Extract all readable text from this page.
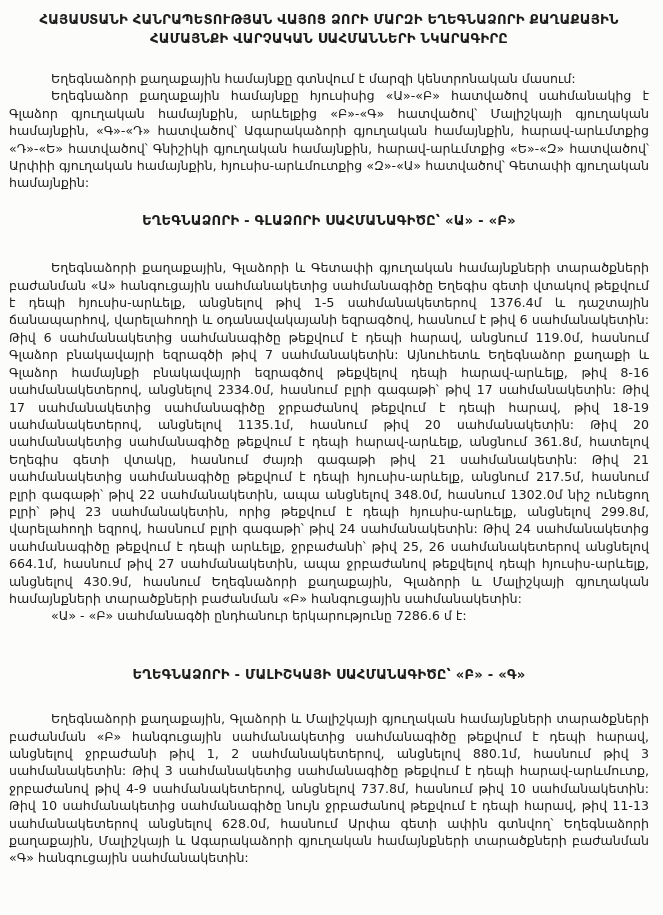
ՀԱՅԱՍՏԱՆԻ ՀԱՆՐԱՊԵՏՈՒԹՅԱՆ ՎԱՅՈՑ ՁՈՐԻ ՄԱՐԶԻ ԵՂԵԳՆԱՁՈՐԻ ՔԱՂԱՔԱՅԻՆ
ՀԱՄԱՅՆՔԻ ՎԱՐՉԱԿԱՆ ՍԱՀՄԱՆՆԵՐԻ ՆԿԱՐԱԳԻՐԸ

Եղեգնաձորի քաղաքային համայնքը գտնվում է մարզի կենտրոնական մասում:

Եղեգնաձոր քաղաքային համայնքը հյուսիսից «Ա»-«Բ» հատվածով սահմանակից է Գլաձոր գյուղական համայնքին, արևելքից «Բ»-«Գ» հատվածով՝ Մալիշկայի գյուղական համայնքին, «Գ»-«Դ» հատվածով՝ Ագարակաձորի գյուղական համայնքին, հարավ-արևմտքից «Դ»-«Ե» հատվածով՝ Գնիշիկի գյուղական համայնքին, հարավ-արևմտքից «Ե»-«Զ» հատվածով՝ Արփիի գյուղական համայնքին, հյուսիս-արևմուտքից «Զ»-«Ա» հատվածով՝ Գետափի գյուղական համայնքին:

ԵՂԵԳՆԱՁՈՐԻ - ԳԼԱՁՈՐԻ ՍԱՀՄԱՆԱԳԻԾԸ՝ «Ա» - «Բ»

Եղեգնաձորի քաղաքային, Գլաձորի և Գետափի գյուղական համայնքների տարածքների բաժանման «Ա» հանգուցային սահմանակետից սահմանագիծը Եղեգիս գետի վտակով թեքվում է դեպի հյուսիս-արևելք, անցնելով թիվ 1-5 սահմանակետերով 1376.4մ և դաշտային ճանապարհով, վարելահողի և օդանավակայանի եզրագծով, հասնում է թիվ 6 սահմանակետին: Թիվ 6 սահմանակետից սահմանագիծը թեքվում է դեպի հարավ, անցնում 119.0մ, հասնում Գլաձոր բնակավայրի եզրագծի թիվ 7 սահմանակետին: Այնուհետև Եղեգնաձոր քաղաքի և Գլաձոր համայնքի բնակավայրի եզրագծով թեքվելով դեպի հարավ-արևելք, թիվ 8-16 սահմանակետերով, անցնելով 2334.0մ, հասնում բլրի գագաթի՝ թիվ 17 սահմանակետին: Թիվ 17 սահմանակետից սահմանագիծը ջրբաժանով թեքվում է դեպի հարավ, թիվ 18-19 սահմանակետերով, անցնելով 1135.1մ, հասնում թիվ 20 սահմանակետին: Թիվ 20 սահմանակետից սահմանագիծը թեքվում է դեպի հարավ-արևելք, անցնում 361.8մ, հատելով Եղեգիս գետի վտակը, հասնում ժայռի գագաթի թիվ 21 սահմանակետին: Թիվ 21 սահմանակետից սահմանագիծը թեքվում է դեպի հյուսիս-արևելք, անցնում 217.5մ, հասնում բլրի գագաթի՝ թիվ 22 սահմանակետին, ապա անցնելով 348.0մ, հասնում 1302.0մ նիշ ունեցող բլրի՝ թիվ 23 սահմանակետին, որից թեքվում է դեպի հյուսիս-արևելք, անցնելով 299.8մ, վարելահողի եզրով, հասնում բլրի գագաթի՝ թիվ 24 սահմանակետին: Թիվ 24 սահմանակետից սահմանագիծը թեքվում է դեպի արևելք, ջրբաժանի՝ թիվ 25, 26 սահմանակետերով անցնելով 664.1մ, հասնում թիվ 27 սահմանակետին, ապա ջրբաժանով թեքվելով դեպի հյուսիս-արևելք, անցնելով 430.9մ, հասնում Եղեգնաձորի քաղաքային, Գլաձորի և Մալիշկայի գյուղական համայնքների տարածքների բաժանման «Բ» հանգուցային սահմանակետին:

«Ա» - «Բ» սահմանագծի ընդհանուր երկարությունը 7286.6 մ է:

ԵՂԵԳՆԱՁՈՐԻ - ՄԱԼԻՇԿԱՅԻ ՍԱՀՄԱՆԱԳԻԾԸ՝ «Բ» - «Գ»

Եղեգնաձորի քաղաքային, Գլաձորի և Մալիշկայի գյուղական համայնքների տարածքների բաժանման «Բ» հանգուցային սահմանակետից սահմանագիծը թեքվում է դեպի հարավ, անցնելով ջրբաժանի թիվ 1, 2 սահմանակետերով, անցնելով 880.1մ, հասնում թիվ 3 սահմանակետին: Թիվ 3 սահմանակետից սահմանագիծը թեքվում է դեպի հարավ-արևմուտք, ջրբաժանով թիվ 4-9 սահմանակետերով, անցնելով 737.8մ, հասնում թիվ 10 սահմանակետին: Թիվ 10 սահմանակետից սահմանագիծը նույն ջրբաժանով թեքվում է դեպի հարավ, թիվ 11-13 սահմանակետերով անցնելով 628.0մ, հասնում Արփա գետի ափին գտնվող՝ Եղեգնաձորի քաղաքային, Մալիշկայի և Ագարակաձորի գյուղական համայնքների տարածքների բաժանման «Գ» հանգուցային սահմանակետին:
